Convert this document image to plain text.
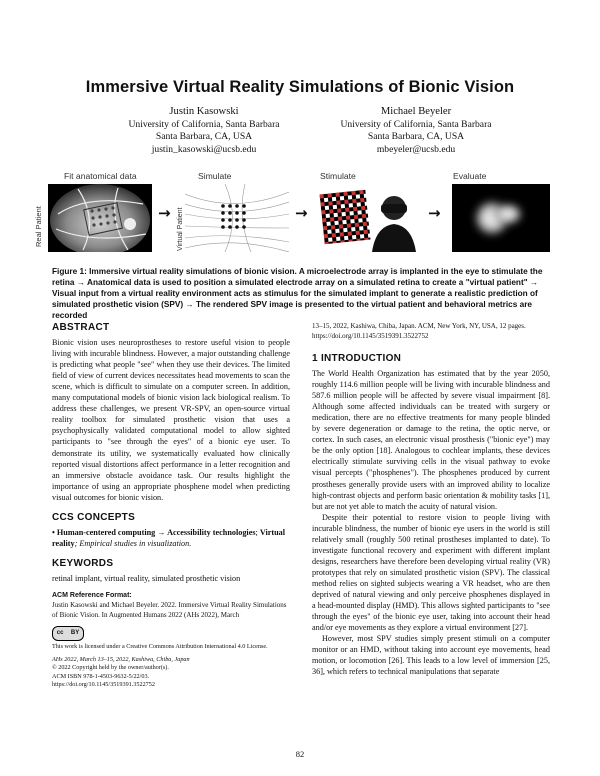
Immersive Virtual Reality Simulations of Bionic Vision
Justin Kasowski
University of California, Santa Barbara
Santa Barbara, CA, USA
justin_kasowski@ucsb.edu
Michael Beyeler
University of California, Santa Barbara
Santa Barbara, CA, USA
mbeyeler@ucsb.edu
Fit anatomical data	Simulate	Stimulate	Evaluate
Real Patient	Virtual Patient
→	→	→
Figure 1: Immersive virtual reality simulations of bionic vision. A microelectrode array is implanted in the eye to stimulate the retina → Anatomical data is used to position a simulated electrode array on a simulated retina to create a "virtual patient" → Visual input from a virtual reality environment acts as stimulus for the simulated implant to generate a realistic prediction of simulated prosthetic vision (SPV) → The rendered SPV image is presented to the virtual patient and behavioral metrics are recorded
ABSTRACT

Bionic vision uses neuroprostheses to restore useful vision to people living with incurable blindness. However, a major outstanding challenge is predicting what people "see" when they use their devices. The limited field of view of current devices necessitates head movements to scan the scene, which is difficult to simulate on a computer screen. In addition, many computational models of bionic vision lack biological realism. To address these challenges, we present VR-SPV, an open-source virtual reality toolbox for simulated prosthetic vision that uses a psychophysically validated computational model to allow sighted participants to "see through the eyes" of a bionic eye user. To demonstrate its utility, we systematically evaluated how clinically reported visual distortions affect performance in a letter recognition and an immersive obstacle avoidance task. Our results highlight the importance of using an appropriate phosphene model when predicting visual outcomes for bionic vision.

CCS CONCEPTS

• Human-centered computing → Accessibility technologies; Virtual reality; Empirical studies in visualization.

KEYWORDS

retinal implant, virtual reality, simulated prosthetic vision

ACM Reference Format:

Justin Kasowski and Michael Beyeler. 2022. Immersive Virtual Reality Simulations of Bionic Vision. In Augmented Humans 2022 (AHs 2022), March

cc BY

This work is licensed under a Creative Commons Attribution International 4.0 License.

AHs 2022, March 13–15, 2022, Kashiwa, Chiba, Japan
© 2022 Copyright held by the owner/author(s).
ACM ISBN 978-1-4503-9632-5/22/03.
https://doi.org/10.1145/3519391.3522752

13–15, 2022, Kashiwa, Chiba, Japan. ACM, New York, NY, USA, 12 pages. https://doi.org/10.1145/3519391.3522752

1 INTRODUCTION

The World Health Organization has estimated that by the year 2050, roughly 114.6 million people will be living with incurable blindness and 587.6 million people will be affected by severe visual impairment [8]. Although some affected individuals can be treated with surgery or medication, there are no effective treatments for many people blinded by severe degeneration or damage to the retina, the optic nerve, or cortex. In such cases, an electronic visual prosthesis ("bionic eye") may be the only option [18]. Analogous to cochlear implants, these devices electrically stimulate surviving cells in the visual pathway to evoke visual percepts ("phosphenes"). The phosphenes produced by current prostheses generally provide users with an improved ability to localize high-contrast objects and perform basic orientation & mobility tasks [1], but are not yet able to match the acuity of natural vision.

Despite their potential to restore vision to people living with incurable blindness, the number of bionic eye users in the world is still relatively small (roughly 500 retinal prostheses implanted to date). To investigate functional recovery and experiment with different implant designs, researchers have therefore been developing virtual reality (VR) prototypes that rely on simulated prosthetic vision (SPV). The classical method relies on sighted subjects wearing a VR headset, who are then deprived of natural viewing and only perceive phosphenes displayed in a head-mounted display (HMD). This allows sighted participants to "see through the eyes" of the bionic eye user, taking into account their head and/or eye movements as they explore a virtual environment [27].

However, most SPV studies simply present stimuli on a computer monitor or an HMD, without taking into account eye movements, head motion, or locomotion [26]. This leads to a low level of immersion [25, 36], which refers to technical manipulations that separate

82
